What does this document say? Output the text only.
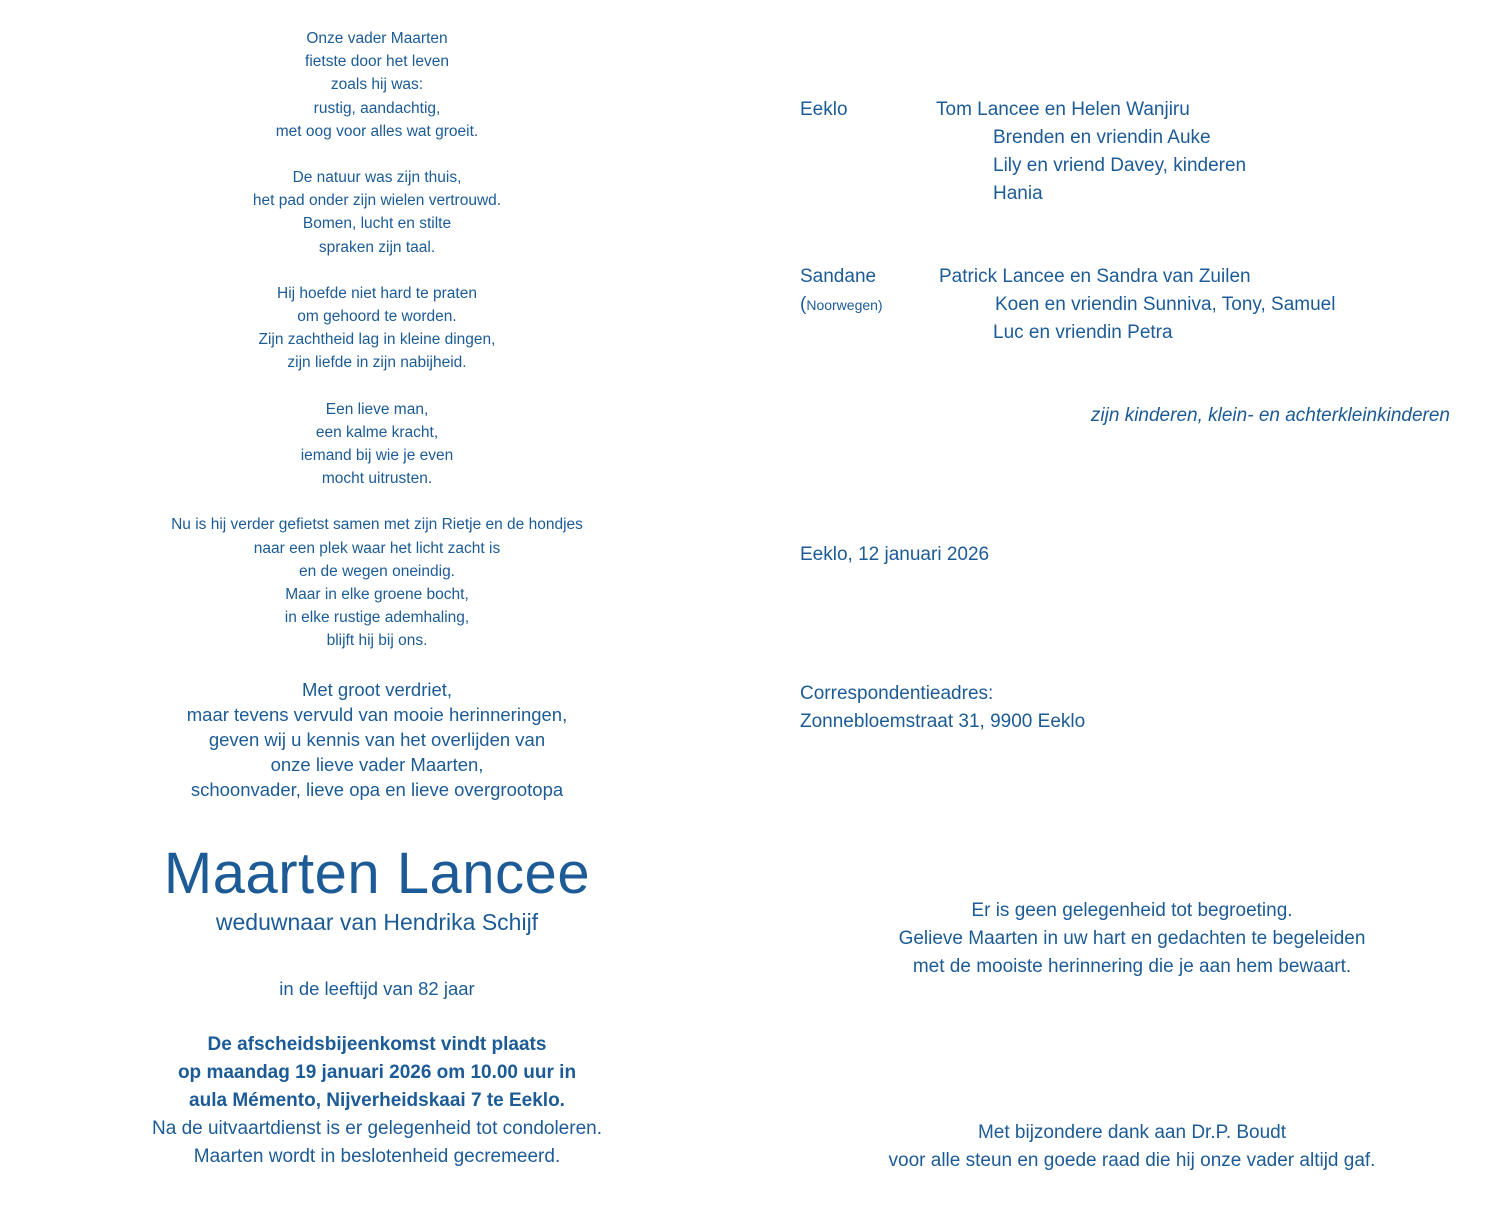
Onze vader Maarten
fietste door het leven
zoals hij was:
rustig, aandachtig,
met oog voor alles wat groeit.
De natuur was zijn thuis,
het pad onder zijn wielen vertrouwd.
Bomen, lucht en stilte
spraken zijn taal.
Hij hoefde niet hard te praten
om gehoord te worden.
Zijn zachtheid lag in kleine dingen,
zijn liefde in zijn nabijheid.
Een lieve man,
een kalme kracht,
iemand bij wie je even
mocht uitrusten.
Nu is hij verder gefietst samen met zijn Rietje en de hondjes
naar een plek waar het licht zacht is
en de wegen oneindig.
Maar in elke groene bocht,
in elke rustige ademhaling,
blijft hij bij ons.
Met groot verdriet,
maar tevens vervuld van mooie herinneringen,
geven wij u kennis van het overlijden van
onze lieve vader Maarten,
schoonvader, lieve opa en lieve overgrootopa
Maarten Lancee
weduwnaar van Hendrika Schijf
in de leeftijd van 82 jaar
De afscheidsbijeenkomst vindt plaats
op maandag 19 januari 2026 om 10.00 uur in
aula Mémento, Nijverheidskaai 7 te Eeklo.
Na de uitvaartdienst is er gelegenheid tot condoleren.
Maarten wordt in beslotenheid gecremeerd.
Eeklo	Tom Lancee en Helen Wanjiru
Brenden en vriendin Auke
Lily en vriend Davey, kinderen
Hania
Sandane	Patrick Lancee en Sandra van Zuilen
(Noorwegen)	Koen en vriendin Sunniva, Tony, Samuel
Luc en vriendin Petra
zijn kinderen, klein- en achterkleinkinderen
Eeklo, 12 januari 2026
Correspondentieadres:
Zonnebloemstraat 31, 9900 Eeklo
Er is geen gelegenheid tot begroeting.
Gelieve Maarten in uw hart en gedachten te begeleiden
met de mooiste herinnering die je aan hem bewaart.
Met bijzondere dank aan Dr.P. Boudt
voor alle steun en goede raad die hij onze vader altijd gaf.
